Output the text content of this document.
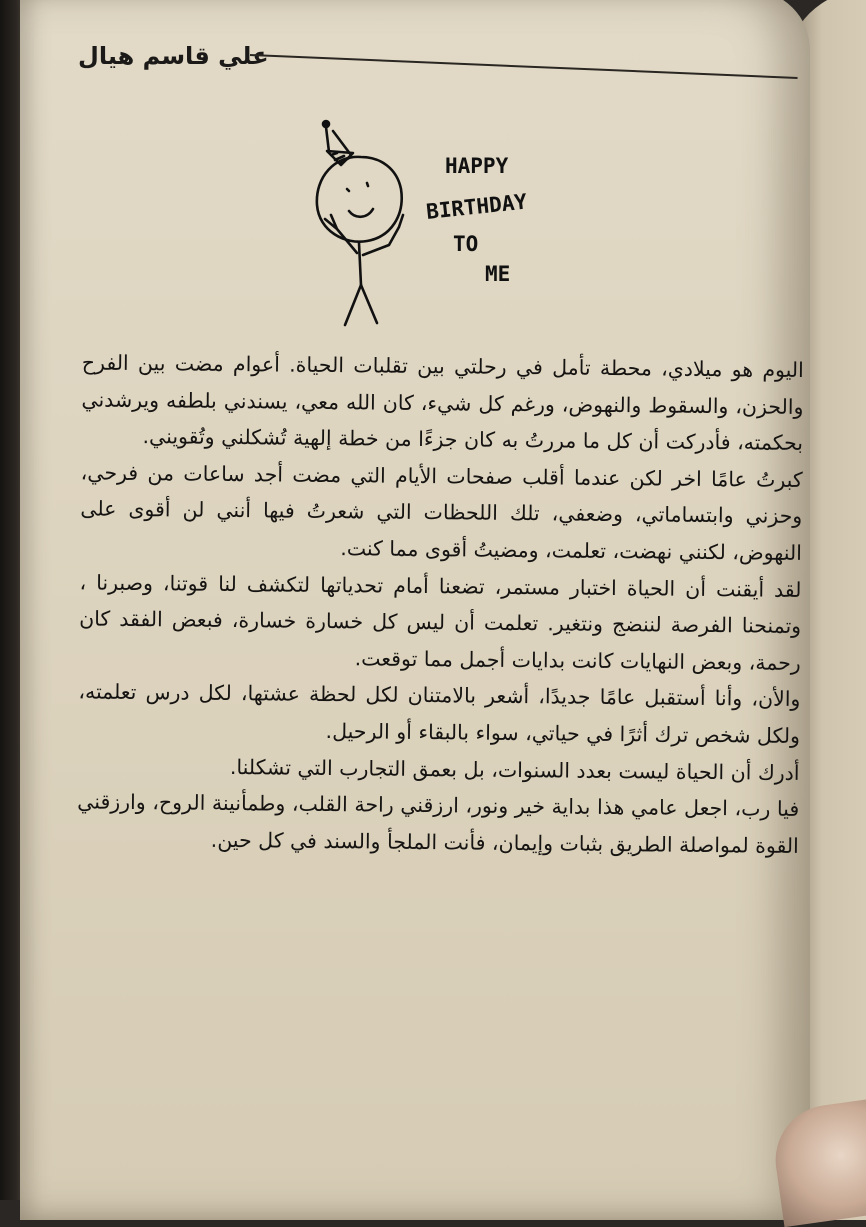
علي قاسم هيال
HAPPY
BIRTHDAY
TO
ME

اليوم هو ميلادي، محطة تأمل في رحلتي بين تقلبات الحياة. أعوام مضت بين الفرح والحزن، والسقوط والنهوض، ورغم كل شيء، كان الله معي، يسندني بلطفه ويرشدني بحكمته، فأدركت أن كل ما مررتُ به كان جزءًا من خطة إلهية تُشكلني وتُقويني.

كبرتُ عامًا اخر لكن عندما أقلب صفحات الأيام التي مضت أجد ساعات من فرحي، وحزني وابتساماتي، وضعفي، تلك اللحظات التي شعرتُ فيها أنني لن أقوى على النهوض، لكنني نهضت، تعلمت، ومضيتُ أقوى مما كنت.

لقد أيقنت أن الحياة اختبار مستمر، تضعنا أمام تحدياتها لتكشف لنا قوتنا، وصبرنا ، وتمنحنا الفرصة لننضج ونتغير. تعلمت أن ليس كل خسارة خسارة، فبعض الفقد كان رحمة، وبعض النهايات كانت بدايات أجمل مما توقعت.

والأن، وأنا أستقبل عامًا جديدًا، أشعر بالامتنان لكل لحظة عشتها، لكل درس تعلمته، ولكل شخص ترك أثرًا في حياتي، سواء بالبقاء أو الرحيل.

أدرك أن الحياة ليست بعدد السنوات، بل بعمق التجارب التي تشكلنا.

فيا رب، اجعل عامي هذا بداية خير ونور، ارزقني راحة القلب، وطمأنينة الروح، وارزقني القوة لمواصلة الطريق بثبات وإيمان، فأنت الملجأ والسند في كل حين.
